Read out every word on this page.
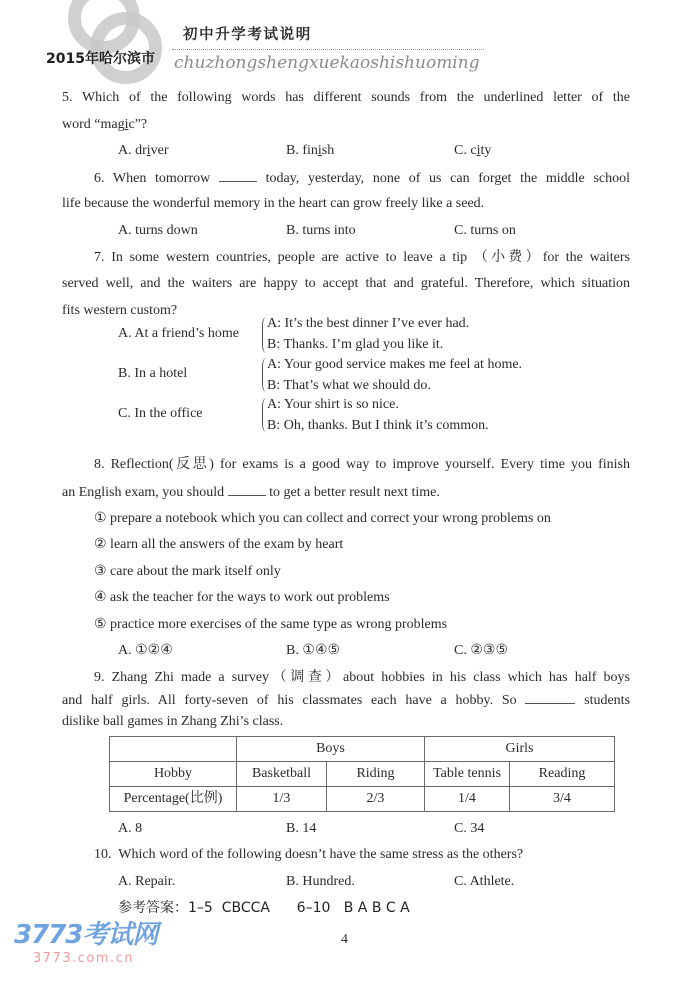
2015年哈尔滨市
初中升学考试说明
chuzhongshengxuekaoshishuoming
5. Which of the following words has different sounds from the underlined letter of the
word “magic”?
A. driver	B. finish	C. city
6. When tomorrow	today, yesterday, none of us can forget the middle school
life because the wonderful memory in the heart can grow freely like a seed.
A. turns down	B. turns into	C. turns on
7. In some western countries, people are active to leave a tip （小费）for the waiters
served well, and the waiters are happy to accept that and grateful. Therefore, which situation
fits western custom?
A. At a friend’s home
A: It’s the best dinner I’ve ever had.
B: Thanks. I’m glad you like it.
B. In a hotel
A: Your good service makes me feel at home.
B: That’s what we should do.
C. In the office
A: Your shirt is so nice.
B: Oh, thanks. But I think it’s common.
8. Reflection(反思) for exams is a good way to improve yourself. Every time you finish
an English exam, you should	to get a better result next time.
① prepare a notebook which you can collect and correct your wrong problems on
② learn all the answers of the exam by heart
③ care about the mark itself only
④ ask the teacher for the ways to work out problems
⑤ practice more exercises of the same type as wrong problems
A. ①②④	B. ①④⑤	C. ②③⑤
9. Zhang Zhi made a survey（调查）about hobbies in his class which has half boys
and half girls. All forty-seven of his classmates each have a hobby. So	students
dislike ball games in Zhang Zhi’s class.
	Boys		Girls	
Hobby	Basketball	Riding	Table tennis	Reading
Percentage(比例)	1/3	2/3	1/4	3/4
A. 8	B. 14	C. 34
10.  Which word of the following doesn’t have the same stress as the others?
A. Repair.	B. Hundred.	C. Athlete.
参考答案：1–5  CBCCA      6–10   B A B C A
4
3773考试网
3773.com.cn
